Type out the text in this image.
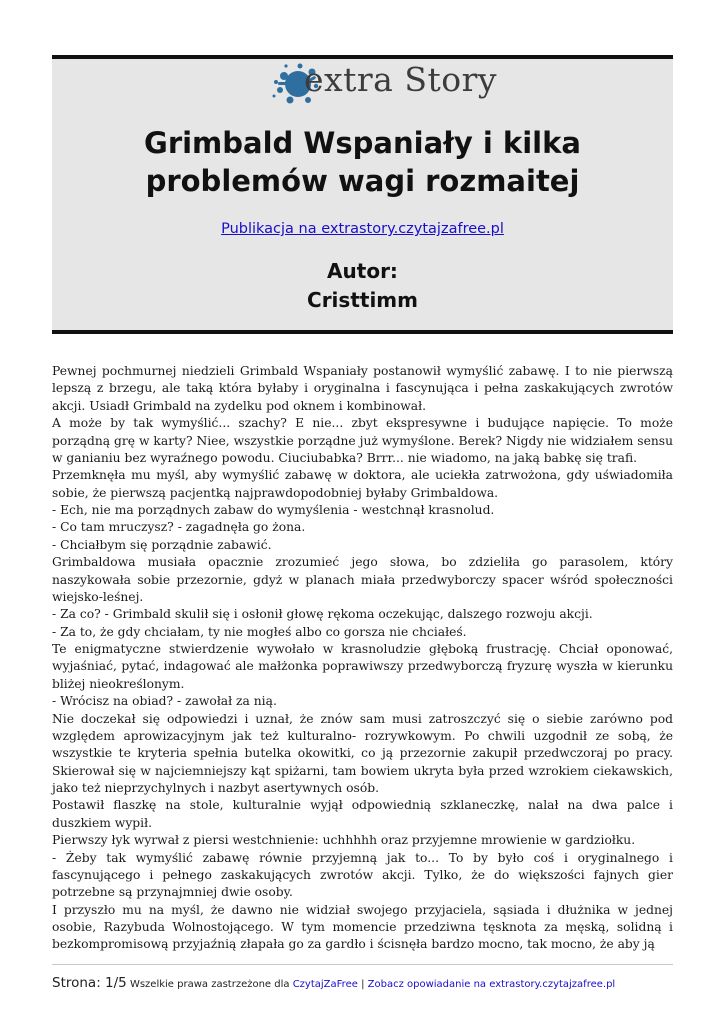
extra Story
Grimbald Wspaniały i kilka
problemów wagi rozmaitej
Publikacja na extrastory.czytajzafree.pl
Autor:
Cristtimm

Pewnej pochmurnej niedzieli Grimbald Wspaniały postanowił wymyślić zabawę. I to nie pierwszą lepszą z brzegu, ale taką która byłaby i oryginalna i fascynująca i pełna zaskakujących zwrotów akcji. Usiadł Grimbald na zydelku pod oknem i kombinował.

A może by tak wymyślić... szachy? E nie... zbyt ekspresywne i budujące napięcie. To może porządną grę w karty? Niee, wszystkie porządne już wymyślone. Berek? Nigdy nie widziałem sensu w ganianiu bez wyraźnego powodu. Ciuciubabka? Brrr... nie wiadomo, na jaką babkę się trafi.

Przemknęła mu myśl, aby wymyślić zabawę w doktora, ale uciekła zatrwożona, gdy uświadomiła sobie, że pierwszą pacjentką najprawdopodobniej byłaby Grimbaldowa.

- Ech, nie ma porządnych zabaw do wymyślenia - westchnął krasnolud.

- Co tam mruczysz? - zagadnęła go żona.

- Chciałbym się porządnie zabawić.

Grimbaldowa musiała opacznie zrozumieć jego słowa, bo zdzieliła go parasolem, który naszykowała sobie przezornie, gdyż w planach miała przedwyborczy spacer wśród społeczności wiejsko-leśnej.

- Za co? - Grimbald skulił się i osłonił głowę rękoma oczekując, dalszego rozwoju akcji.

- Za to, że gdy chciałam, ty nie mogłeś albo co gorsza nie chciałeś.

Te enigmatyczne stwierdzenie wywołało w krasnoludzie głęboką frustrację. Chciał oponować, wyjaśniać, pytać, indagować ale małżonka poprawiwszy przedwyborczą fryzurę wyszła w kierunku bliżej nieokreślonym.

- Wrócisz na obiad? - zawołał za nią.

Nie doczekał się odpowiedzi i uznał, że znów sam musi zatroszczyć się o siebie zarówno pod względem aprowizacyjnym jak też kulturalno- rozrywkowym. Po chwili uzgodnił ze sobą, że wszystkie te kryteria spełnia butelka okowitki, co ją przezornie zakupił przedwczoraj po pracy. Skierował się w najciemniejszy kąt spiżarni, tam bowiem ukryta była przed wzrokiem ciekawskich, jako też nieprzychylnych i nazbyt asertywnych osób.

Postawił flaszkę na stole, kulturalnie wyjął odpowiednią szklaneczkę, nalał na dwa palce i duszkiem wypił.

Pierwszy łyk wyrwał z piersi westchnienie: uchhhhh oraz przyjemne mrowienie w gardziołku.

- Żeby tak wymyślić zabawę równie przyjemną jak to... To by było coś i oryginalnego i fascynującego i pełnego zaskakujących zwrotów akcji. Tylko, że do większości fajnych gier potrzebne są przynajmniej dwie osoby.

I przyszło mu na myśl, że dawno nie widział swojego przyjaciela, sąsiada i dłużnika w jednej osobie, Razybuda Wolnostojącego. W tym momencie przedziwna tęsknota za męską, solidną i bezkompromisową przyjaźnią złapała go za gardło i ścisnęła bardzo mocno, tak mocno, że aby ją

Strona: 1/5 Wszelkie prawa zastrzeżone dla CzytajZaFree | Zobacz opowiadanie na extrastory.czytajzafree.pl
